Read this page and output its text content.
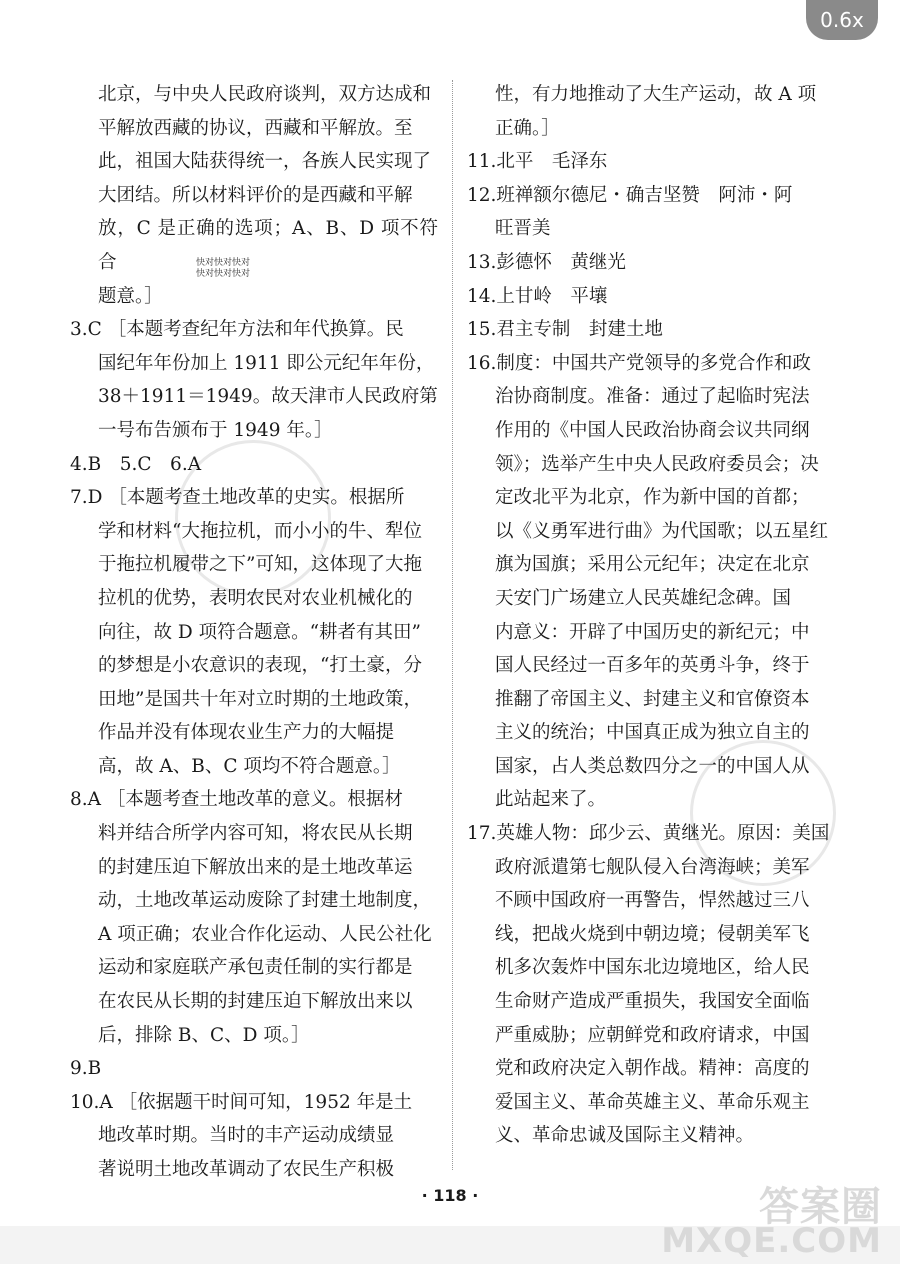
0.6x
快对快对快对
快对快对快对
北京，与中央人民政府谈判，双方达成和
平解放西藏的协议，西藏和平解放。至
此，祖国大陆获得统一，各族人民实现了
大团结。所以材料评价的是西藏和平解
放，C 是正确的选项；A、B、D 项不符合
题意。］
3.C ［本题考查纪年方法和年代换算。民
国纪年年份加上 1911 即公元纪年年份，
38＋1911＝1949。故天津市人民政府第
一号布告颁布于 1949 年。］
4.B　5.C　6.A
7.D ［本题考查土地改革的史实。根据所
学和材料“大拖拉机，而小小的牛、犁位
于拖拉机履带之下”可知，这体现了大拖
拉机的优势，表明农民对农业机械化的
向往，故 D 项符合题意。“耕者有其田”
的梦想是小农意识的表现，“打土豪，分
田地”是国共十年对立时期的土地政策，
作品并没有体现农业生产力的大幅提
高，故 A、B、C 项均不符合题意。］
8.A ［本题考查土地改革的意义。根据材
料并结合所学内容可知，将农民从长期
的封建压迫下解放出来的是土地改革运
动，土地改革运动废除了封建土地制度，
A 项正确；农业合作化运动、人民公社化
运动和家庭联产承包责任制的实行都是
在农民从长期的封建压迫下解放出来以
后，排除 B、C、D 项。］
9.B
10.A ［依据题干时间可知，1952 年是土
地改革时期。当时的丰产运动成绩显
著说明土地改革调动了农民生产积极
性，有力地推动了大生产运动，故 A 项
正确。］
11.北平　毛泽东
12.班禅额尔德尼・确吉坚赞　阿沛・阿
旺晋美
13.彭德怀　黄继光
14.上甘岭　平壤
15.君主专制　封建土地
16.制度：中国共产党领导的多党合作和政
治协商制度。准备：通过了起临时宪法
作用的《中国人民政治协商会议共同纲
领》；选举产生中央人民政府委员会；决
定改北平为北京，作为新中国的首都；
以《义勇军进行曲》为代国歌；以五星红
旗为国旗；采用公元纪年；决定在北京
天安门广场建立人民英雄纪念碑。国
内意义：开辟了中国历史的新纪元；中
国人民经过一百多年的英勇斗争，终于
推翻了帝国主义、封建主义和官僚资本
主义的统治；中国真正成为独立自主的
国家，占人类总数四分之一的中国人从
此站起来了。
17.英雄人物：邱少云、黄继光。原因：美国
政府派遣第七舰队侵入台湾海峡；美军
不顾中国政府一再警告，悍然越过三八
线，把战火烧到中朝边境；侵朝美军飞
机多次轰炸中国东北边境地区，给人民
生命财产造成严重损失，我国安全面临
严重威胁；应朝鲜党和政府请求，中国
党和政府决定入朝作战。精神：高度的
爱国主义、革命英雄主义、革命乐观主
义、革命忠诚及国际主义精神。
· 118 ·	答案圈
MXQE.COM
